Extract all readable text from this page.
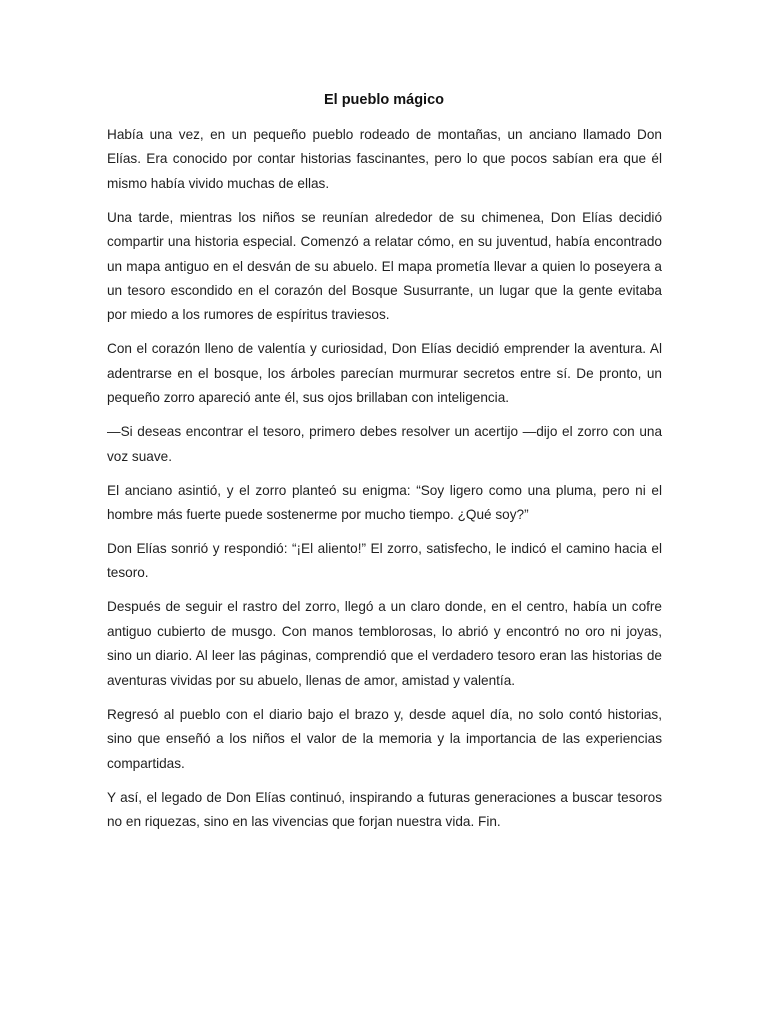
El pueblo mágico

Había una vez, en un pequeño pueblo rodeado de montañas, un anciano llamado Don Elías. Era conocido por contar historias fascinantes, pero lo que pocos sabían era que él mismo había vivido muchas de ellas.

Una tarde, mientras los niños se reunían alrededor de su chimenea, Don Elías decidió compartir una historia especial. Comenzó a relatar cómo, en su juventud, había encontrado un mapa antiguo en el desván de su abuelo. El mapa prometía llevar a quien lo poseyera a un tesoro escondido en el corazón del Bosque Susurrante, un lugar que la gente evitaba por miedo a los rumores de espíritus traviesos.

Con el corazón lleno de valentía y curiosidad, Don Elías decidió emprender la aventura. Al adentrarse en el bosque, los árboles parecían murmurar secretos entre sí. De pronto, un pequeño zorro apareció ante él, sus ojos brillaban con inteligencia.

—Si deseas encontrar el tesoro, primero debes resolver un acertijo —dijo el zorro con una voz suave.

El anciano asintió, y el zorro planteó su enigma: “Soy ligero como una pluma, pero ni el hombre más fuerte puede sostenerme por mucho tiempo. ¿Qué soy?”

Don Elías sonrió y respondió: “¡El aliento!” El zorro, satisfecho, le indicó el camino hacia el tesoro.

Después de seguir el rastro del zorro, llegó a un claro donde, en el centro, había un cofre antiguo cubierto de musgo. Con manos temblorosas, lo abrió y encontró no oro ni joyas, sino un diario. Al leer las páginas, comprendió que el verdadero tesoro eran las historias de aventuras vividas por su abuelo, llenas de amor, amistad y valentía.

Regresó al pueblo con el diario bajo el brazo y, desde aquel día, no solo contó historias, sino que enseñó a los niños el valor de la memoria y la importancia de las experiencias compartidas.

Y así, el legado de Don Elías continuó, inspirando a futuras generaciones a buscar tesoros no en riquezas, sino en las vivencias que forjan nuestra vida. Fin.
